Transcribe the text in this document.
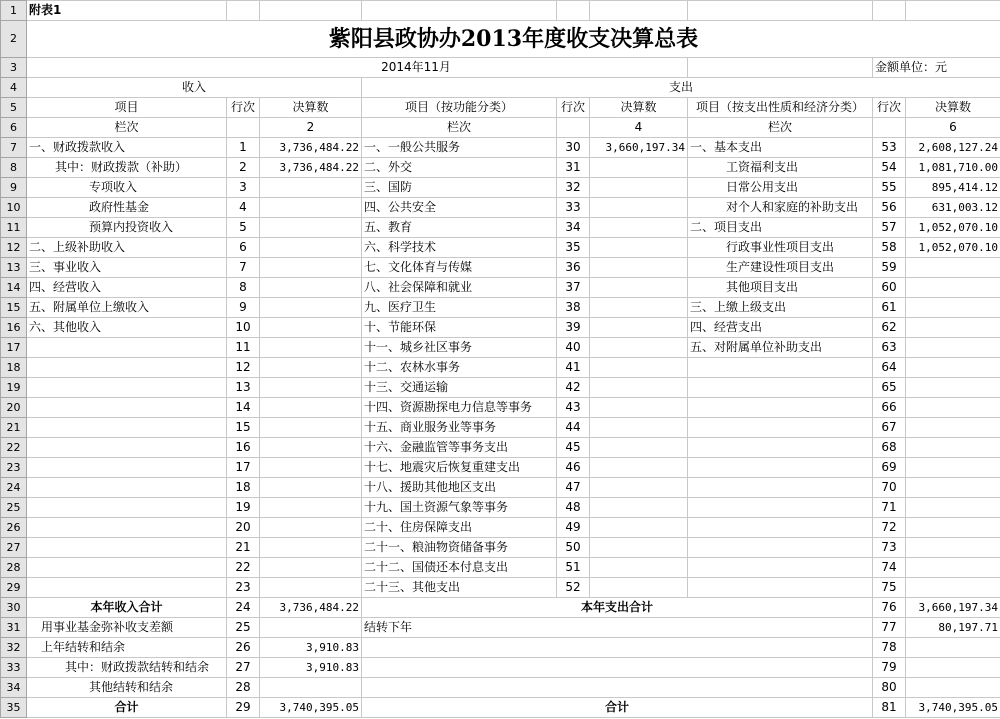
1	附表1								
2	紫阳县政协办2013年度收支决算总表								
3	2014年11月							金额单位：元	
4	收入			支出					
5	项目	行次	决算数	项目（按功能分类）	行次	决算数	项目（按支出性质和经济分类）	行次	决算数
6	栏次		2	栏次		4	栏次		6
7	一、财政拨款收入	1	3,736,484.22	一、一般公共服务	30	3,660,197.34	一、基本支出	53	2,608,127.24
8	其中：财政拨款（补助）	2	3,736,484.22	二、外交	31		工资福利支出	54	1,081,710.00
9	专项收入	3		三、国防	32		日常公用支出	55	895,414.12
10	政府性基金	4		四、公共安全	33		对个人和家庭的补助支出	56	631,003.12
11	预算内投资收入	5		五、教育	34		二、项目支出	57	1,052,070.10
12	二、上级补助收入	6		六、科学技术	35		行政事业性项目支出	58	1,052,070.10
13	三、事业收入	7		七、文化体育与传媒	36		生产建设性项目支出	59	
14	四、经营收入	8		八、社会保障和就业	37		其他项目支出	60	
15	五、附属单位上缴收入	9		九、医疗卫生	38		三、上缴上级支出	61	
16	六、其他收入	10		十、节能环保	39		四、经营支出	62	
17		11		十一、城乡社区事务	40		五、对附属单位补助支出	63	
18		12		十二、农林水事务	41			64	
19		13		十三、交通运输	42			65	
20		14		十四、资源勘探电力信息等事务	43			66	
21		15		十五、商业服务业等事务	44			67	
22		16		十六、金融监管等事务支出	45			68	
23		17		十七、地震灾后恢复重建支出	46			69	
24		18		十八、援助其他地区支出	47			70	
25		19		十九、国土资源气象等事务	48			71	
26		20		二十、住房保障支出	49			72	
27		21		二十一、粮油物资储备事务	50			73	
28		22		二十二、国债还本付息支出	51			74	
29		23		二十三、其他支出	52			75	
30	本年收入合计	24	3,736,484.22	本年支出合计				76	3,660,197.34
31	用事业基金弥补收支差额	25		结转下年				77	80,197.71
32	上年结转和结余	26	3,910.83					78	
33	其中：财政拨款结转和结余	27	3,910.83					79	
34	其他结转和结余	28						80	
35	合计	29	3,740,395.05	合计				81	3,740,395.05
